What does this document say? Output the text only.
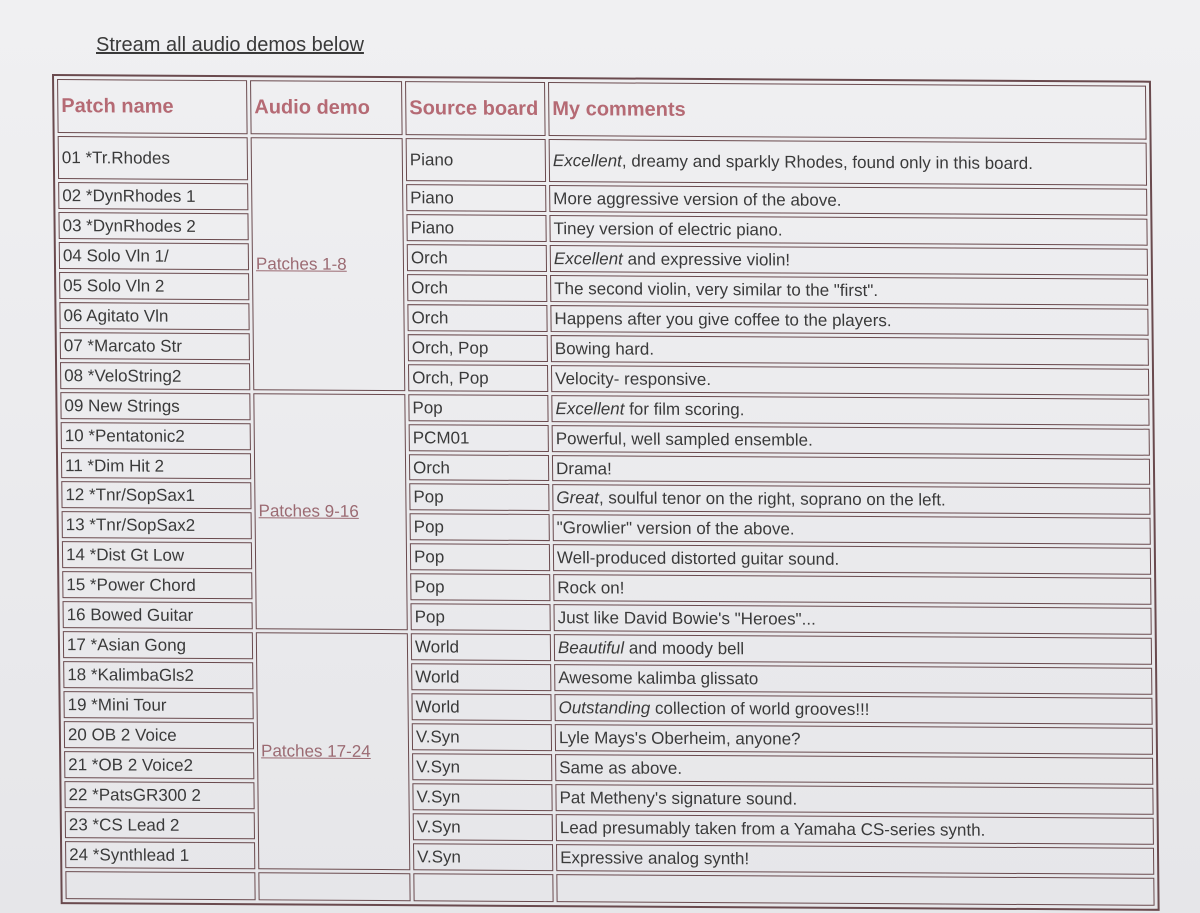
Stream all audio demos below
Patch name	Audio demo	Source board	My comments
01 *Tr.Rhodes	Patches 1-8	Piano	Excellent, dreamy and sparkly Rhodes, found only in this board.
02 *DynRhodes 1		Piano	More aggressive version of the above.
03 *DynRhodes 2		Piano	Tiney version of electric piano.
04 Solo Vln 1/		Orch	Excellent and expressive violin!
05 Solo Vln 2		Orch	The second violin, very similar to the "first".
06 Agitato Vln		Orch	Happens after you give coffee to the players.
07 *Marcato Str		Orch, Pop	Bowing hard.
08 *VeloString2		Orch, Pop	Velocity- responsive.
09 New Strings	Patches 9-16	Pop	Excellent for film scoring.
10 *Pentatonic2		PCM01	Powerful, well sampled ensemble.
11 *Dim Hit 2		Orch	Drama!
12 *Tnr/SopSax1		Pop	Great, soulful tenor on the right, soprano on the left.
13 *Tnr/SopSax2		Pop	"Growlier" version of the above.
14 *Dist Gt Low		Pop	Well-produced distorted guitar sound.
15 *Power Chord		Pop	Rock on!
16 Bowed Guitar		Pop	Just like David Bowie's "Heroes"...
17 *Asian Gong	Patches 17-24	World	Beautiful and moody bell
18 *KalimbaGls2		World	Awesome kalimba glissato
19 *Mini Tour		World	Outstanding collection of world grooves!!!
20 OB 2 Voice		V.Syn	Lyle Mays's Oberheim, anyone?
21 *OB 2 Voice2		V.Syn	Same as above.
22 *PatsGR300 2		V.Syn	Pat Metheny's signature sound.
23 *CS Lead 2		V.Syn	Lead presumably taken from a Yamaha CS-series synth.
24 *Synthlead 1		V.Syn	Expressive analog synth!
